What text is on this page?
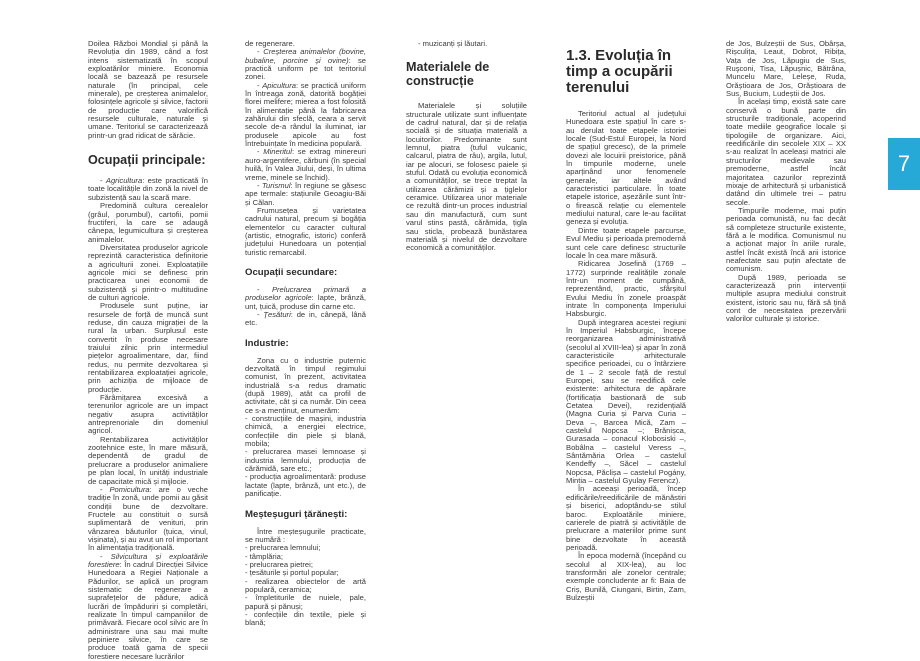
Doilea Război Mondial și până la Revoluția din 1989, când a fost intens sistematizată în scopul exploatărilor miniere. Economia locală se bazează pe resursele naturale (în principal, cele minerale), pe creșterea animalelor, folosințele agricole și silvice, factorii de producție care valorifică resursele culturale, naturale și umane. Teritoriul se caracterizează printr-un grad ridicat de sărăcie.

Ocupații principale:

- Agricultura: este practicată în toate localitățile din zonă la nivel de subzistență sau la scară mare.

Predomină cultura cerealelor (grâul, porumbul), cartofii, pomii fructiferi, la care se adaugă cânepa, legumicultura și creșterea animalelor.

Diversitatea produselor agricole reprezintă caracteristica definitorie a agriculturii zonei. Exploatațiile agricole mici se definesc prin practicarea unei economii de subzistență și printr-o multitudine de culturi agricole.

Produsele sunt puține, iar resursele de forță de muncă sunt reduse, din cauza migrației de la rural la urban. Surplusul este convertit în produse necesare traiului zilnic prin intermediul piețelor agroalimentare, dar, fiind redus, nu permite dezvoltarea și rentabilizarea exploatației agricole, prin achiziția de mijloace de producție.

Fărâmițarea excesivă a terenurilor agricole are un impact negativ asupra activităților antreprenoriale din domeniul agricol.

Rentabilizarea activităților zootehnice este, în mare măsură, dependentă de gradul de prelucrare a produselor animaliere pe plan local, în unități industriale de capacitate mică și mijlocie.

- Pomicultura: are o veche tradiție în zonă, unde pomii au găsit condiții bune de dezvoltare. Fructele au constituit o sursă suplimentară de venituri, prin vânzarea băuturilor (țuica, vinul, vișinata), și au avut un rol important în alimentația tradițională.

- Silvicultura și exploatările forestiere: În cadrul Direcției Silvice Hunedoara a Regiei Naționale a Pădurilor, se aplică un program sistematic de regenerare a suprafețelor de pădure, adică lucrări de împăduriri și completări, realizate în timpul campaniilor de primăvară. Fiecare ocol silvic are în administrare una sau mai multe pepiniere silvice, în care se produce toată gama de specii forestiere necesare lucrărilor

de regenerare.

- Creșterea animalelor (bovine, bubaline, porcine și ovine): se practică uniform pe tot teritoriul zonei.

- Apicultura: se practică uniform în întreaga zonă, datorită bogăției florei melifere; mierea a fost folosită în alimentație până la fabricarea zahărului din sfeclă, ceara a servit secole de-a rândul la iluminat, iar produsele apicole au fost întrebuințate în medicina populară.

- Mineritul: se extrag minereuri auro-argentifere, cărbuni (în special huilă, în Valea Jiului, deși, în ultima vreme, minele se închid).

- Turismul: în regiune se găsesc ape termale: stațiunile Geoagiu-Băi și Călan.

Frumusețea și varietatea cadrului natural, precum și bogăția elementelor cu caracter cultural (artistic, etnografic, istoric) conferă județului Hunedoara un potențial turistic remarcabil.

Ocupații secundare:

- Prelucrarea primară a produselor agricole: lapte, brânză, unt, țuică, produse din carne etc.

- Țesături: de in, cânepă, lână etc.

Industrie:

Zona cu o industrie puternic dezvoltată în timpul regimului comunist, în prezent, activitatea industrială s-a redus dramatic (după 1989), atât ca profil de activitate, cât și ca număr. Din ceea ce s-a menținut, enumerăm:

- construcțiile de mașini, industria chimică, a energiei electrice, confecțiile din piele și blană, mobila;

- prelucrarea masei lemnoase și industria lemnului, producția de cărămidă, sare etc.;

- producția agroalimentară: produse lactate (lapte, brânză, unt etc.), de panificație.

Meșteșuguri țărănești:

Între meșteșugurile practicate, se numără :

- prelucrarea lemnului;

- tâmplăria;

- prelucrarea pietrei;

- țesăturile și portul popular;

- realizarea obiectelor de artă populară, ceramica;

- împletiturile de nuiele, pale, papură și pănuși;

- confecțiile din textile, piele și blană;

- muzicanți și lăutari.

Materialele de construcție

Materialele și soluțiile structurale utilizate sunt influențate de cadrul natural, dar și de relația socială și de situația materială a locuitorilor. Predominante sunt lemnul, piatra (tuful vulcanic, calcarul, piatra de râu), argila, lutul, iar pe alocuri, se folosesc paiele și stuful. Odată cu evoluția economică a comunităților, se trece treptat la utilizarea cărămizii și a țiglelor ceramice. Utilizarea unor materiale ce rezultă dintr-un proces industrial sau din manufactură, cum sunt varul stins pastă, cărămida, țigla sau sticla, probează bunăstarea materială și nivelul de dezvoltare economică a comunităților.

1.3. Evoluția în timp a ocupării terenului

Teritoriul actual al județului Hunedoara este spațiul în care s-au derulat toate etapele istoriei locale (Sud-Estul Europei, la Nord de spațiul grecesc), de la primele dovezi ale locuirii preistorice, până în timpurile moderne, unele aparținând unor fenomenele generale, iar altele având caracteristici particulare. În toate etapele istorice, așezările sunt într-o firească relație cu elementele mediului natural, care le-au facilitat geneza și evoluția.

Dintre toate etapele parcurse, Evul Mediu și perioada premodernă sunt cele care definesc structurile locale în cea mare măsură.

Ridicarea Josefină (1769 – 1772) surprinde realitățile zonale într-un moment de cumpănă, reprezentând, practic, sfârșitul Evului Mediu în zonele proaspăt intrate în componența Imperiului Habsburgic.

După integrarea acestei regiuni în Imperiul Habsburgic, începe reorganizarea administrativă (secolul al XVIII-lea) și apar în zonă caracteristicile arhitecturale specifice perioadei, cu o întârziere de 1 – 2 secole față de restul Europei, sau se reedifică cele existente: arhitectura de apărare (fortificația bastionară de sub Cetatea Devei), rezidențială (Magna Curia și Parva Curia – Deva –, Barcea Mică, Zam – castelul Nopcsa –; Brănișca, Gurasada – conacul Klobosiski –, Bobâlna – castelul Veress –, Sântămăria Orlea – castelul Kendeffy –, Săcel – castelul Nopcsa, Păclișa – castelul Pogány, Mintia – castelul Gyulay Ferencz).

În aceeași perioadă, încep edificările/reedificările de mănăstiri și biserici, adoptându-se stilul baroc. Exploatările miniere, carierele de piatră și activitățile de prelucrare a materiilor prime sunt bine dezvoltate în această perioadă.

În epoca modernă (începând cu secolul al XIX-lea), au loc transformări ale zonelor centrale; exemple concludente ar fi: Baia de Criș, Bunilă, Ciungani, Birtin, Zam, Bulzeștii

de Jos, Bulzeștii de Sus, Obârșa, Rișculița, Leaut, Dobrot, Ribița, Vața de Jos, Lăpugiu de Sus, Ruşconi, Tisa, Lăpușnic, Bătrâna, Muncelu Mare, Leleșe, Ruda, Orăștioara de Jos, Orăștioara de Sus, Bucium, Ludeștii de Jos.

În același timp, există sate care conservă o bună parte din structurile tradiționale, acoperind toate mediile geografice locale și tipologiile de organizare. Aici, reedificările din secolele XIX – XX s-au realizat în aceleași matrici ale structurilor medievale sau premoderne, astfel încât majoritatea cazurilor reprezintă mixaje de arhitectură și urbanistică datând din ultimele trei – patru secole.

Timpurile moderne, mai puțin perioada comunistă, nu fac decât să completeze structurile existente, fără a le modifica. Comunismul nu a acționat major în ariile rurale, astfel încât există încă arii istorice neafectate sau puțin afectate de comunism.

După 1989, perioada se caracterizează prin intervenții multiple asupra mediului construit existent, istoric sau nu, fără să țină cont de necesitatea prezervării valorilor culturale și istorice.

7
